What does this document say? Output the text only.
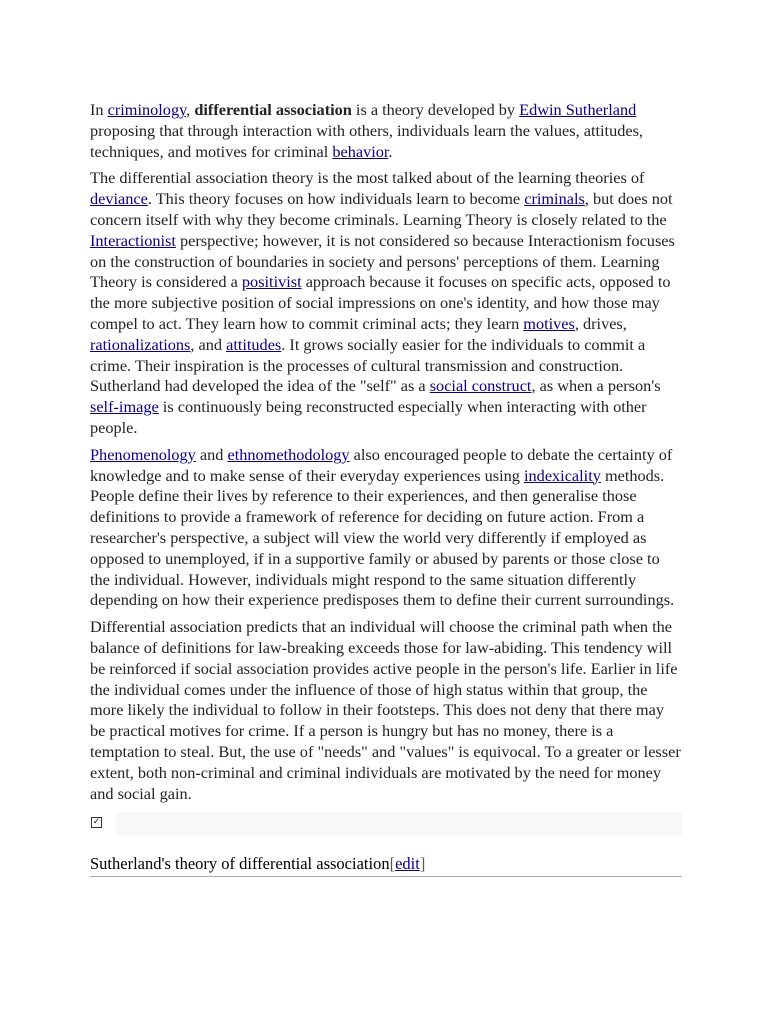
In criminology, differential association is a theory developed by Edwin Sutherland proposing that through interaction with others, individuals learn the values, attitudes, techniques, and motives for criminal behavior.

The differential association theory is the most talked about of the learning theories of deviance. This theory focuses on how individuals learn to become criminals, but does not concern itself with why they become criminals. Learning Theory is closely related to the Interactionist perspective; however, it is not considered so because Interactionism focuses on the construction of boundaries in society and persons' perceptions of them. Learning Theory is considered a positivist approach because it focuses on specific acts, opposed to the more subjective position of social impressions on one's identity, and how those may compel to act. They learn how to commit criminal acts; they learn motives, drives, rationalizations, and attitudes. It grows socially easier for the individuals to commit a crime. Their inspiration is the processes of cultural transmission and construction. Sutherland had developed the idea of the "self" as a social construct, as when a person's self-image is continuously being reconstructed especially when interacting with other people.

Phenomenology and ethnomethodology also encouraged people to debate the certainty of knowledge and to make sense of their everyday experiences using indexicality methods. People define their lives by reference to their experiences, and then generalise those definitions to provide a framework of reference for deciding on future action. From a researcher's perspective, a subject will view the world very differently if employed as opposed to unemployed, if in a supportive family or abused by parents or those close to the individual. However, individuals might respond to the same situation differently depending on how their experience predisposes them to define their current surroundings.

Differential association predicts that an individual will choose the criminal path when the balance of definitions for law-breaking exceeds those for law-abiding. This tendency will be reinforced if social association provides active people in the person's life. Earlier in life the individual comes under the influence of those of high status within that group, the more likely the individual to follow in their footsteps. This does not deny that there may be practical motives for crime. If a person is hungry but has no money, there is a temptation to steal. But, the use of "needs" and "values" is equivocal. To a greater or lesser extent, both non-criminal and criminal individuals are motivated by the need for money and social gain.

✓
Sutherland's theory of differential association[edit]
